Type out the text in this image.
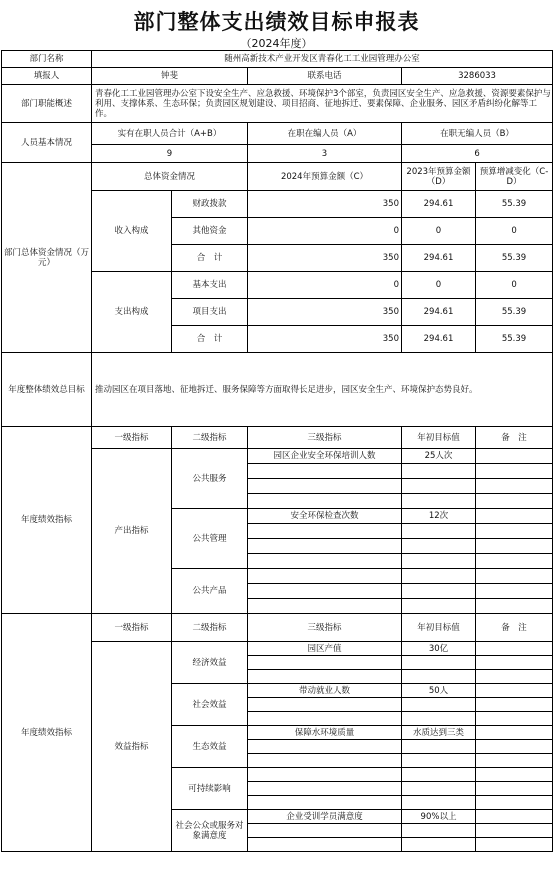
部门整体支出绩效目标申报表
（2024年度）
部门名称	随州高新技术产业开发区青春化工工业园管理办公室				
填报人	钟斐		联系电话	3286033	
部门职能概述	青春化工工业园管理办公室下设安全生产、应急救援、环境保护3个部室，负责园区安全生产、应急救援、资源要素保护与利用、支撑体系、生态环保；负责园区规划建设、项目招商、征地拆迁、要素保障、企业服务、园区矛盾纠纷化解等工作。				
人员基本情况	实有在职人员合计（A+B）		在职在编人员（A）	在职无编人员（B）	
	9		3	6	
部门总体资金情况（万元）	总体资金情况		2024年预算金额（C）	2023年预算金额（D）	预算增减变化（C-D）
	收入构成	财政拨款	350	294.61	55.39
		其他资金	0	0	0
		合　计	350	294.61	55.39
	支出构成	基本支出	0	0	0
		项目支出	350	294.61	55.39
		合　计	350	294.61	55.39
年度整体绩效总目标	推动园区在项目落地、征地拆迁、服务保障等方面取得长足进步，园区安全生产、环境保护态势良好。				
年度绩效指标	一级指标	二级指标	三级指标	年初目标值	备　注
	产出指标	公共服务	园区企业安全环保培训人数	25人次	

		公共管理	安全环保检查次数	12次	

		公共产品			

年度绩效指标	一级指标	二级指标	三级指标	年初目标值	备　注
	效益指标	经济效益	园区产值	30亿	

		社会效益	带动就业人数	50人	

		生态效益	保障水环境质量	水质达到三类	

		可持续影响			

		社会公众或服务对象满意度	企业受训学员满意度	90%以上	
